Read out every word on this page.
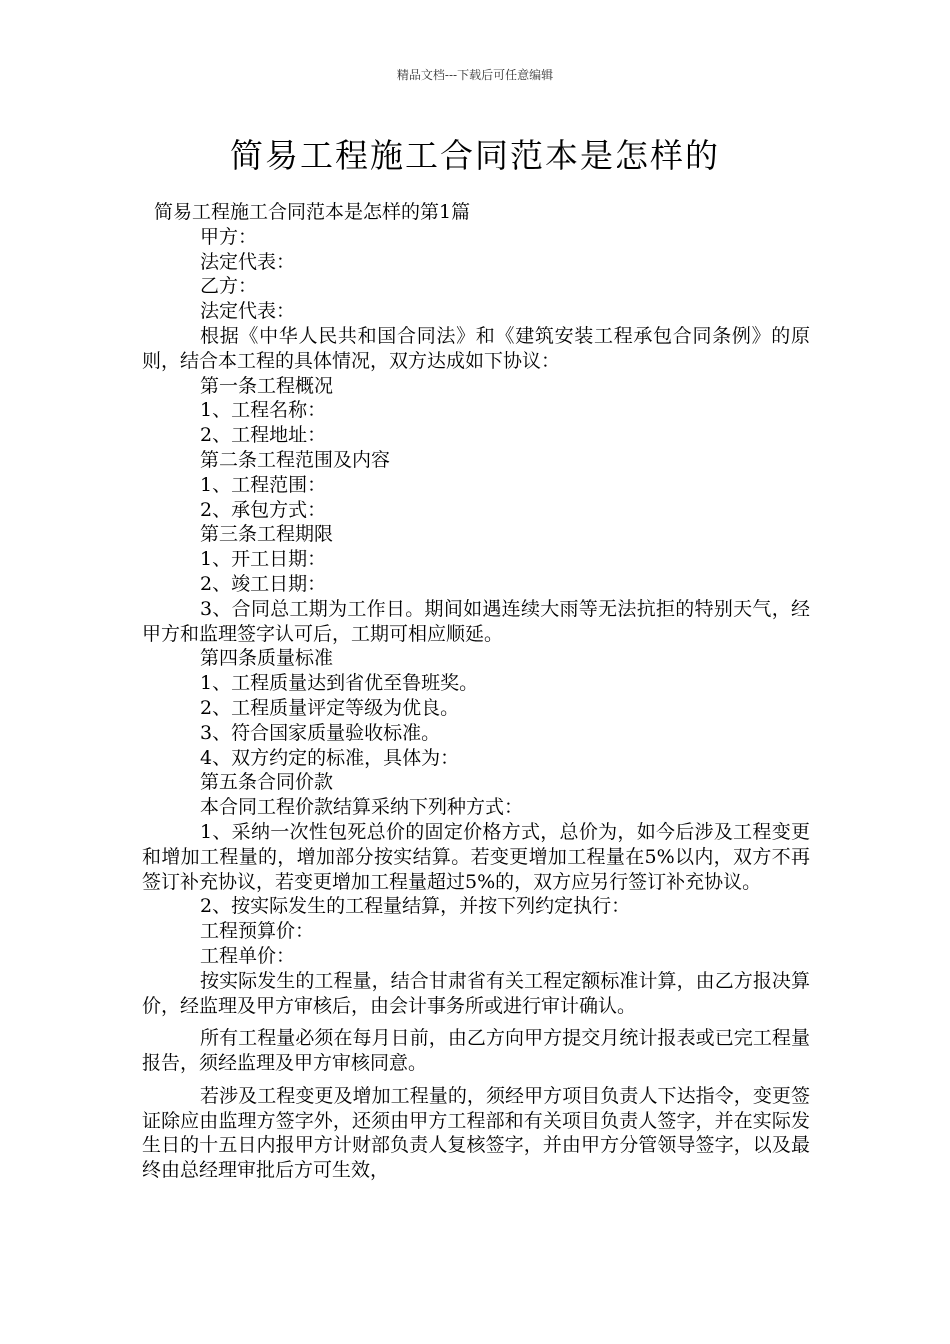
精品文档---下载后可任意编辑
简易工程施工合同范本是怎样的
简易工程施工合同范本是怎样的第1篇
甲方：
法定代表：
乙方：
法定代表：
根据《中华人民共和国合同法》和《建筑安装工程承包合同条例》的原则，结合本工程的具体情况，双方达成如下协议：
第一条工程概况
1、工程名称：
2、工程地址：
第二条工程范围及内容
1、工程范围：
2、承包方式：
第三条工程期限
1、开工日期：
2、竣工日期：
3、合同总工期为工作日。期间如遇连续大雨等无法抗拒的特别天气，经甲方和监理签字认可后，工期可相应顺延。
第四条质量标准
1、工程质量达到省优至鲁班奖。
2、工程质量评定等级为优良。
3、符合国家质量验收标准。
4、双方约定的标准，具体为：
第五条合同价款
本合同工程价款结算采纳下列种方式：
1、采纳一次性包死总价的固定价格方式，总价为，如今后涉及工程变更和增加工程量的，增加部分按实结算。若变更增加工程量在5%以内，双方不再签订补充协议，若变更增加工程量超过5%的，双方应另行签订补充协议。
2、按实际发生的工程量结算，并按下列约定执行：
工程预算价：
工程单价：
按实际发生的工程量，结合甘肃省有关工程定额标准计算，由乙方报决算价，经监理及甲方审核后，由会计事务所或进行审计确认。
所有工程量必须在每月日前，由乙方向甲方提交月统计报表或已完工程量报告，须经监理及甲方审核同意。
若涉及工程变更及增加工程量的，须经甲方项目负责人下达指令，变更签证除应由监理方签字外，还须由甲方工程部和有关项目负责人签字，并在实际发生日的十五日内报甲方计财部负责人复核签字，并由甲方分管领导签字，以及最终由总经理审批后方可生效，
